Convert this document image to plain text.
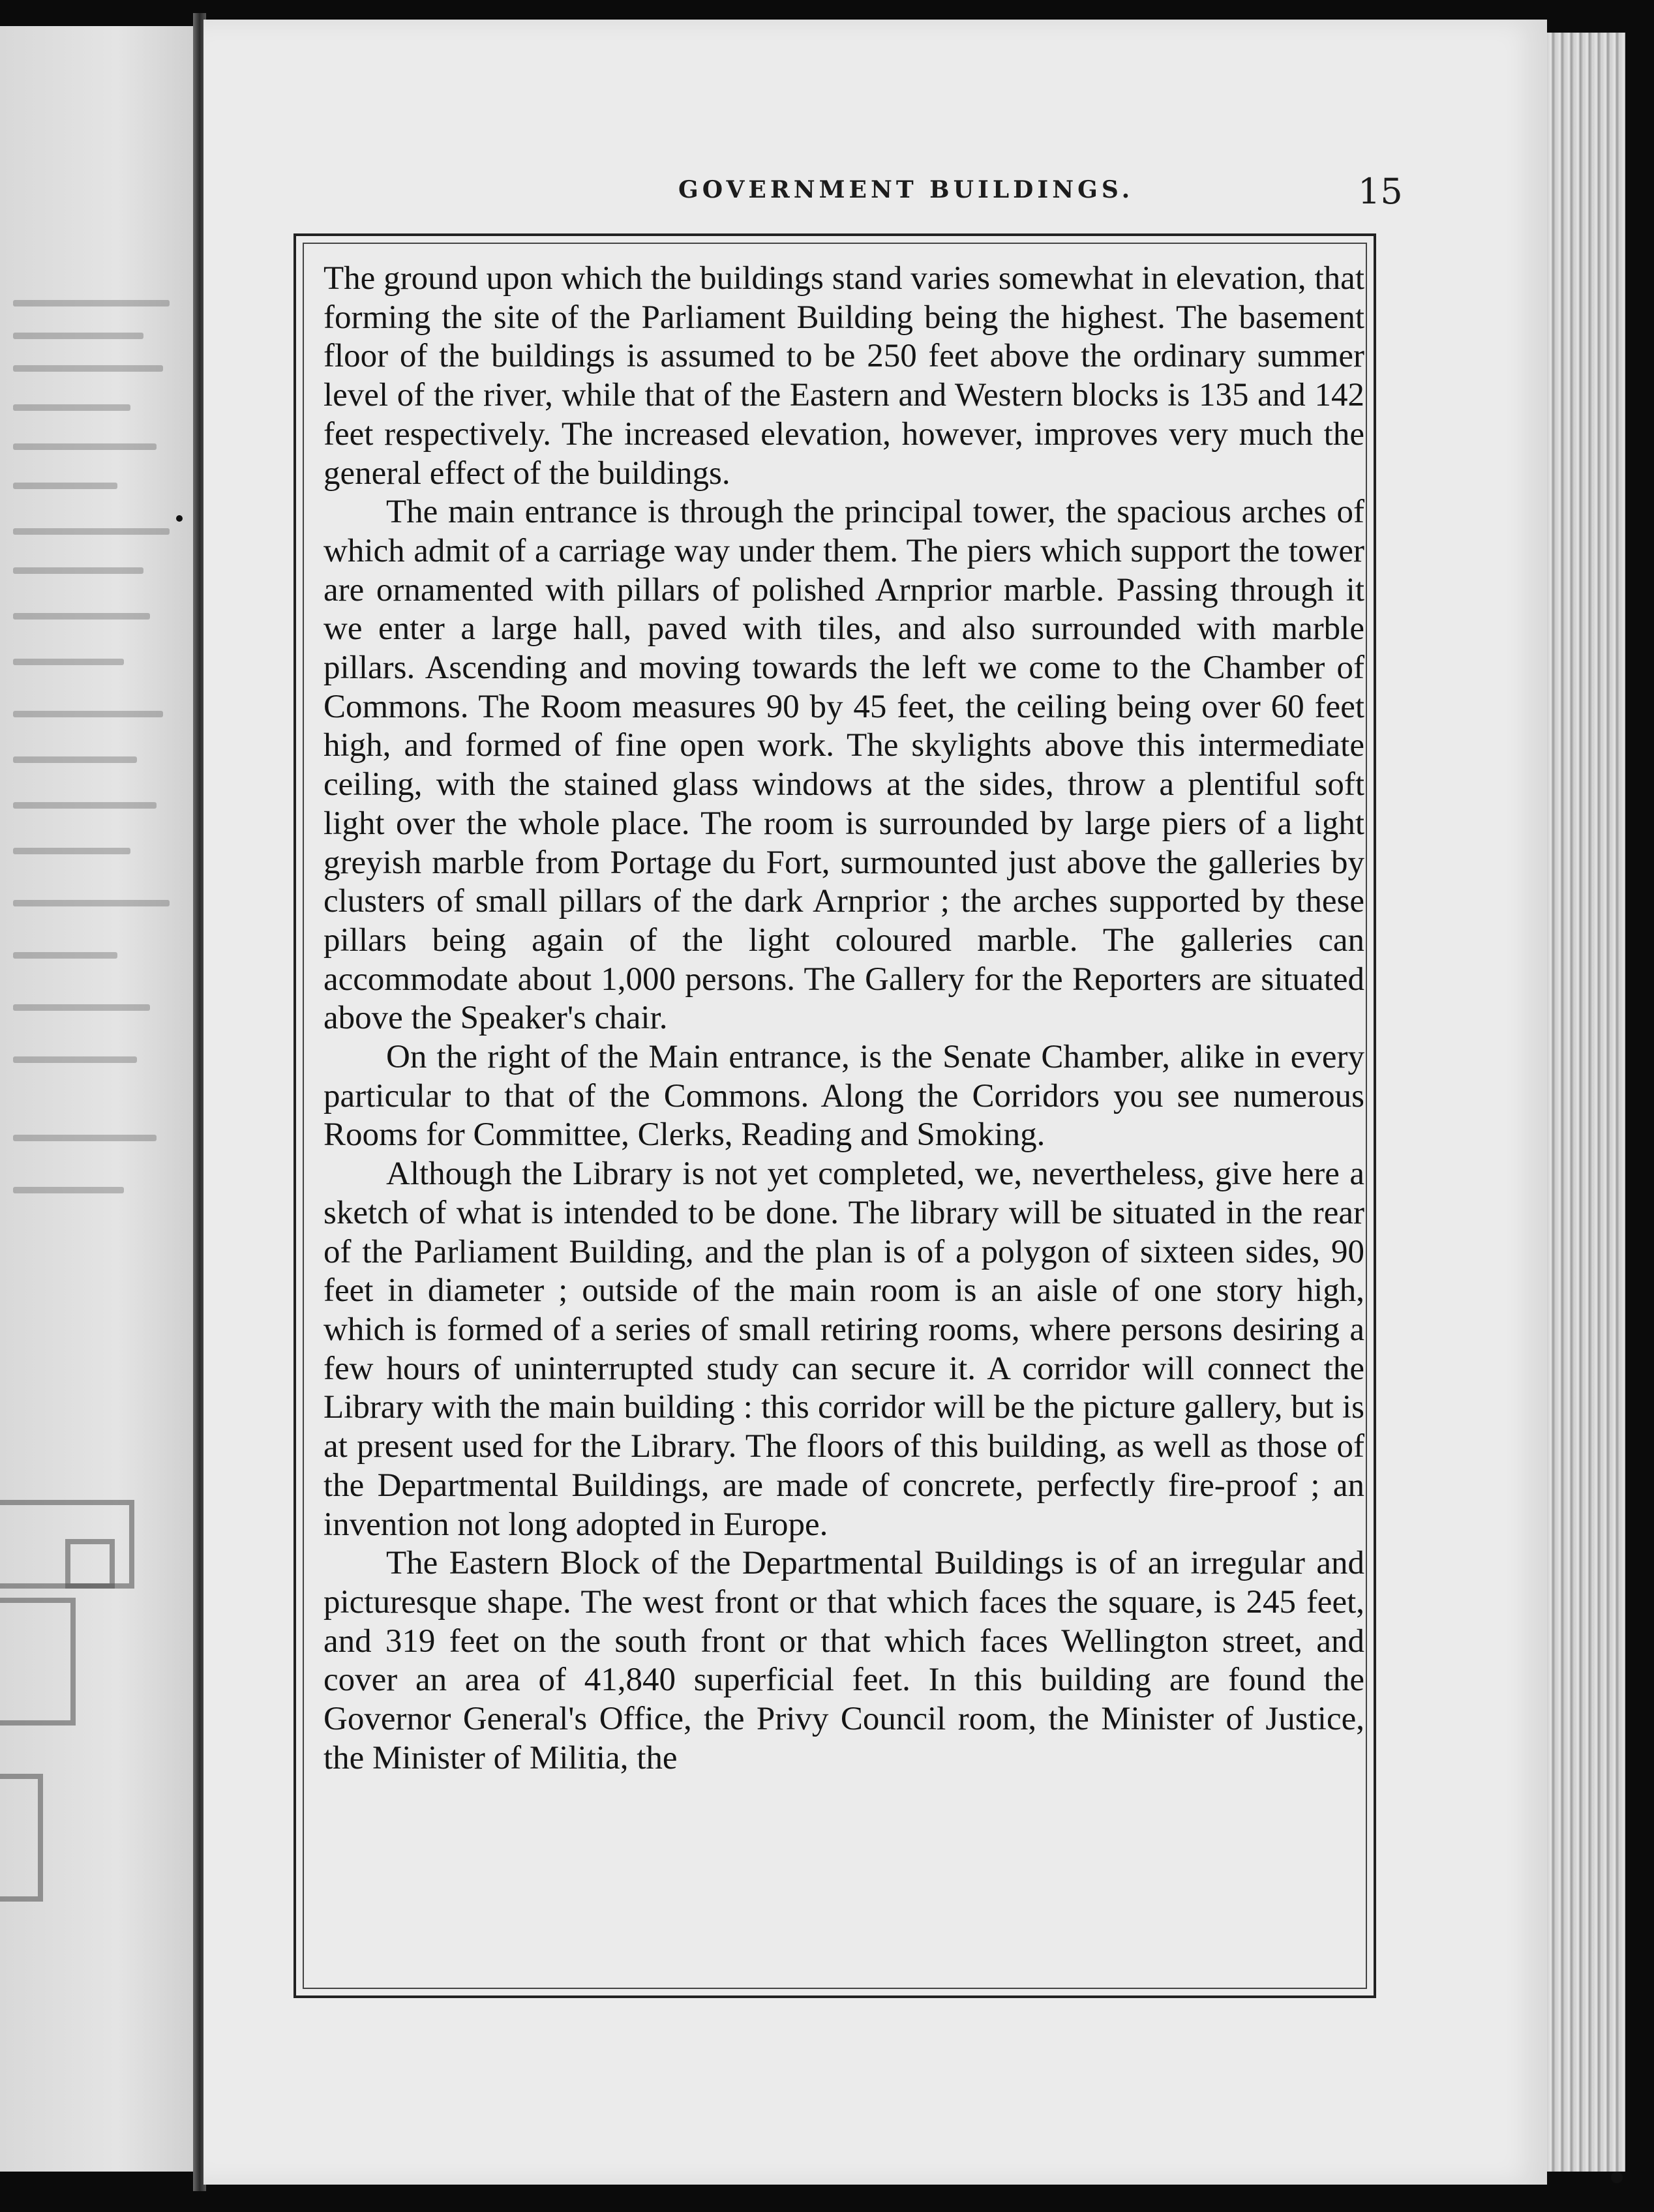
GOVERNMENT BUILDINGS.	15

The ground upon which the buildings stand varies somewhat in elevation, that forming the site of the Parliament Building being the highest. The basement floor of the buildings is assumed to be 250 feet above the ordinary summer level of the river, while that of the Eastern and Western blocks is 135 and 142 feet respectively. The increased elevation, however, improves very much the general effect of the buildings.

The main entrance is through the principal tower, the spacious arches of which admit of a carriage way under them. The piers which support the tower are ornamented with pillars of polished Arnprior marble. Passing through it we enter a large hall, paved with tiles, and also surrounded with marble pillars. Ascending and moving towards the left we come to the Chamber of Commons. The Room measures 90 by 45 feet, the ceiling being over 60 feet high, and formed of fine open work. The skylights above this intermediate ceiling, with the stained glass windows at the sides, throw a plentiful soft light over the whole place. The room is surrounded by large piers of a light greyish marble from Portage du Fort, surmounted just above the galleries by clusters of small pillars of the dark Arnprior ; the arches supported by these pillars being again of the light coloured marble. The galleries can accommodate about 1,000 persons. The Gallery for the Reporters are situated above the Speaker's chair.

On the right of the Main entrance, is the Senate Chamber, alike in every particular to that of the Commons. Along the Corridors you see numerous Rooms for Committee, Clerks, Reading and Smoking.

Although the Library is not yet completed, we, nevertheless, give here a sketch of what is intended to be done. The library will be situated in the rear of the Parliament Building, and the plan is of a polygon of sixteen sides, 90 feet in diameter ; outside of the main room is an aisle of one story high, which is formed of a series of small retiring rooms, where persons desiring a few hours of uninterrupted study can secure it. A corridor will connect the Library with the main building : this corridor will be the picture gallery, but is at present used for the Library. The floors of this building, as well as those of the Departmental Buildings, are made of concrete, perfectly fire-proof ; an invention not long adopted in Europe.

The Eastern Block of the Departmental Buildings is of an irregular and picturesque shape. The west front or that which faces the square, is 245 feet, and 319 feet on the south front or that which faces Wellington street, and cover an area of 41,840 superficial feet. In this building are found the Governor General's Office, the Privy Council room, the Minister of Justice, the Minister of Militia, the
